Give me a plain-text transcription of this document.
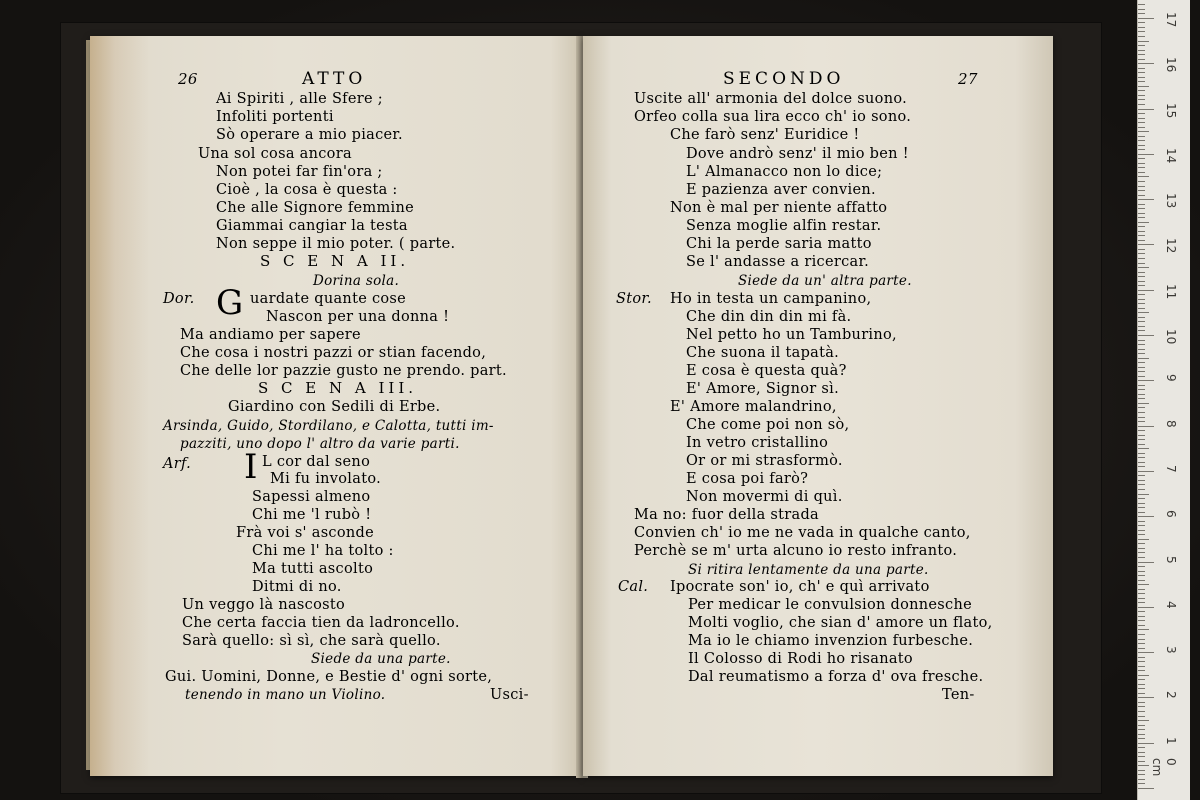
26	ATTO
Ai Spiriti , alle Sfere ;
Infoliti portenti
Sò operare a mio piacer.
Una sol cosa ancora
Non potei far fin'ora ;
Cioè , la cosa è questa :
Che alle Signore femmine
Giammai cangiar la testa
Non seppe il mio poter. ( parte.
S C E N A II.
Dorina sola.
Dor. G uardate quante cose
Nascon per una donna !
Ma andiamo per sapere
Che cosa i nostri pazzi or stian facendo,
Che delle lor pazzie gusto ne prendo. part.
S C E N A III.
Giardino con Sedili di Erbe.
Arsinda, Guido, Stordilano, e Calotta, tutti im-
pazziti, uno dopo l' altro da varie parti.
Arf. I L cor dal seno
Mi fu involato.
Sapessi almeno
Chi me 'l rubò !
Frà voi s' asconde
Chi me l' ha tolto :
Ma tutti ascolto
Ditmi di no.
Un veggo là nascosto
Che certa faccia tien da ladroncello.
Sarà quello: sì sì, che sarà quello.
Siede da una parte.
Gui. Uomini, Donne, e Bestie d' ogni sorte,
tenendo in mano un Violino.	Usci-
SECONDO	27
Uscite all' armonia del dolce suono.
Orfeo colla sua lira ecco ch' io sono.
Che farò senz' Euridice !
Dove andrò senz' il mio ben !
L' Almanacco non lo dice;
E pazienza aver convien.
Non è mal per niente affatto
Senza moglie alfin restar.
Chi la perde saria matto
Se l' andasse a ricercar.
Siede da un' altra parte.
Stor. Ho in testa un campanino,
Che din din din mi fà.
Nel petto ho un Tamburino,
Che suona il tapatà.
E cosa è questa quà?
E' Amore, Signor sì.
E' Amore malandrino,
Che come poi non sò,
In vetro cristallino
Or or mi strasformò.
E cosa poi farò?
Non movermi di quì.
Ma no: fuor della strada
Convien ch' io me ne vada in qualche canto,
Perchè se m' urta alcuno io resto infranto.
Si ritira lentamente da una parte.
Cal. Ipocrate son' io, ch' e quì arrivato
Per medicar le convulsion donnesche
Molti voglio, che sian d' amore un flato,
Ma io le chiamo invenzion furbesche.
Il Colosso di Rodi ho risanato
Dal reumatismo a forza d' ova fresche.
Ten-
0 cm
1
2
3
4
5
6
7
8
9
10
11
12
13
14
15
16
17
